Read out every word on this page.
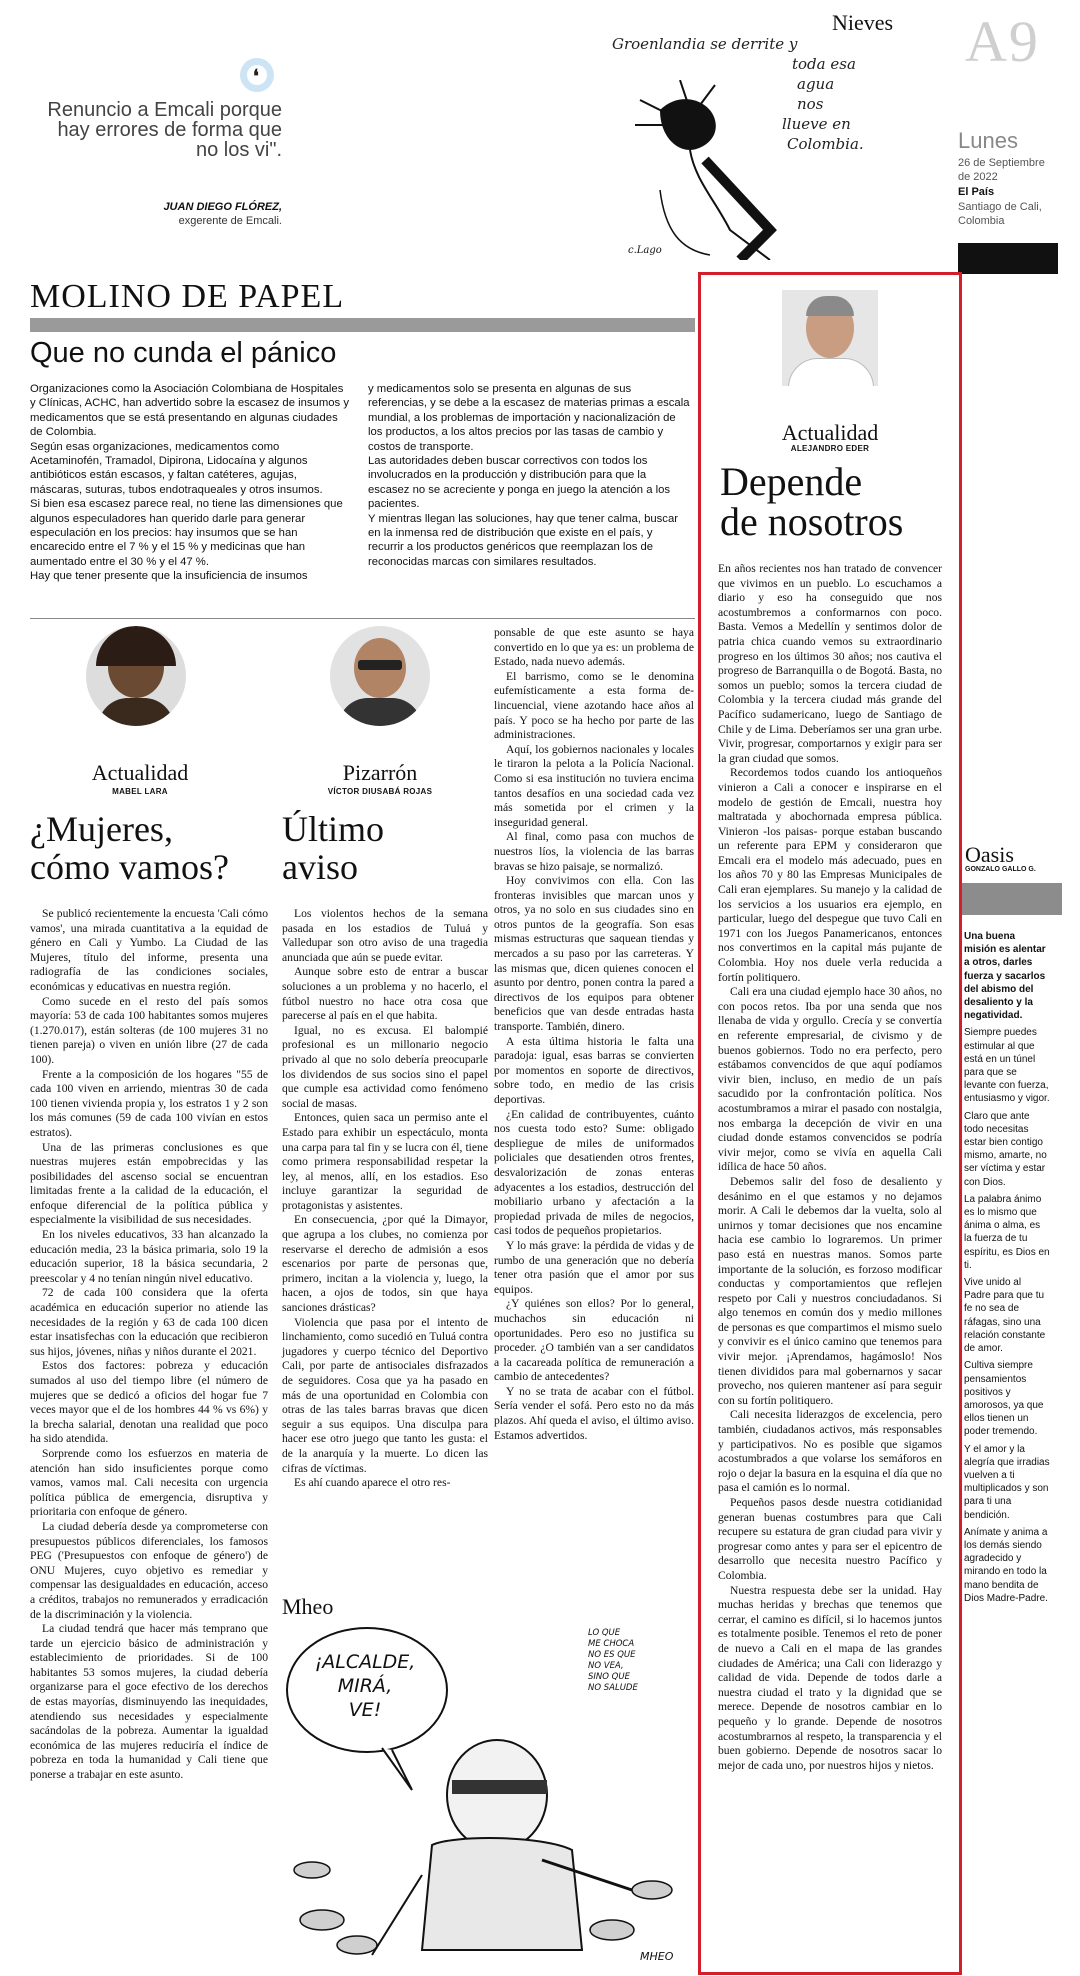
❛
Renuncio a Emcali porque hay errores de forma que no los vi".
JUAN DIEGO FLÓREZ,
exgerente de Emcali.
Nieves
Groenlandia se derrite y
toda esa
agua
nos
llueve en
Colombia.
c.Lago
A9
Lunes
26 de Septiembre
de 2022
El País
Santiago de Cali,
Colombia
MOLINO DE PAPEL
Que no cunda el pánico

Organizaciones como la Asociación Colombiana de Hospitales y Clínicas, ACHC, han advertido sobre la escasez de insumos y medicamentos que se está presentando en algunas ciudades de Colombia.

Según esas organizaciones, medicamentos como Acetaminofén, Tramadol, Dipirona, Lidocaína y algunos antibióticos están escasos, y faltan catéteres, agujas, máscaras, suturas, tubos endotraqueales y otros insumos.

Si bien esa escasez parece real, no tiene las dimensiones que algunos especuladores han querido darle para generar especulación en los precios: hay insumos que se han encarecido entre el 7 % y el 15 % y medicinas que han aumentado entre el 30 % y el 47 %.

Hay que tener presente que la insuficiencia de insumos

y medicamentos solo se presenta en algunas de sus referencias, y se debe a la escasez de materias primas a escala mundial, a los problemas de importación y nacionalización de los productos, a los altos precios por las tasas de cambio y costos de transporte.

Las autoridades deben buscar correctivos con todos los involucrados en la producción y distribución para que la escasez no se acreciente y ponga en juego la atención a los pacientes.

Y mientras llegan las soluciones, hay que tener calma, buscar en la inmensa red de distribución que existe en el país, y recurrir a los productos genéricos que reemplazan los de reconocidas marcas con similares resultados.

Actualidad
MABEL LARA
¿Mujeres,
cómo vamos?

Se publicó recientemente la encuesta 'Cali cómo vamos', una mirada cuantitativa a la equidad de género en Cali y Yumbo. La Ciudad de las Mujeres, título del informe, presenta una radiografía de las condiciones sociales, económicas y educativas en nuestra región.

Como sucede en el resto del país somos mayoría: 53 de cada 100 habitantes somos mujeres (1.270.017), están solteras (de 100 mujeres 31 no tienen pareja) o viven en unión libre (27 de cada 100).

Frente a la composición de los hogares "55 de cada 100 viven en arriendo, mientras 30 de cada 100 tienen vivienda propia y, los estratos 1 y 2 son los más comunes (59 de cada 100 vivían en estos estratos).

Una de las primeras conclusiones es que nuestras mujeres están empobrecidas y las posibilidades del ascenso social se encuentran limitadas frente a la calidad de la educación, el enfoque diferencial de la política pública y especialmente la visibilidad de sus necesidades.

En los niveles educativos, 33 han alcanzado la educación media, 23 la básica primaria, solo 19 la educación superior, 18 la básica secundaria, 2 preescolar y 4 no tenían ningún nivel educativo.

72 de cada 100 considera que la oferta académica en educación superior no atiende las necesidades de la región y 63 de cada 100 dicen estar insatisfechas con la educación que recibieron sus hijos, jóvenes, niñas y niños durante el 2021.

Estos dos factores: pobreza y educación sumados al uso del tiempo libre (el número de mujeres que se dedicó a oficios del hogar fue 7 veces mayor que el de los hombres 44 % vs 6%) y la brecha salarial, denotan una realidad que poco ha sido atendida.

Sorprende como los esfuerzos en materia de atención han sido insuficientes porque como vamos, vamos mal. Cali necesita con urgencia política pública de emergencia, disruptiva y prioritaria con enfoque de género.

La ciudad debería desde ya comprometerse con presupuestos públicos diferenciales, los famosos PEG ('Presupuestos con enfoque de género') de ONU Mujeres, cuyo objetivo es remediar y compensar las desigualdades en educación, acceso a créditos, trabajos no remunerados y erradicación de la discriminación y la violencia.

La ciudad tendrá que hacer más temprano que tarde un ejercicio básico de administración y establecimiento de prioridades. Si de 100 habitantes 53 somos mujeres, la ciudad debería organizarse para el goce efectivo de los derechos de estas mayorías, disminuyendo las inequidades, atendiendo sus necesidades y especialmente sacándolas de la pobreza. Aumentar la igualdad económica de las mujeres reduciría el índice de pobreza en toda la humanidad y Cali tiene que ponerse a trabajar en este asunto.

Pizarrón
VÍCTOR DIUSABÁ ROJAS
Último
aviso

Los violentos hechos de la semana pasada en los estadios de Tuluá y Valledupar son otro aviso de una tragedia anunciada que aún se puede evitar.

Aunque sobre esto de entrar a buscar soluciones a un problema y no hacerlo, el fútbol nuestro no hace otra cosa que parecerse al país en el que habita.

Igual, no es excusa. El balompié profesional es un millonario negocio privado al que no solo debería preocuparle los dividendos de sus socios sino el papel que cumple esa actividad como fenómeno social de masas.

Entonces, quien saca un permiso ante el Estado para exhibir un espectáculo, monta una carpa para tal fin y se lucra con él, tiene como primera responsabilidad respetar la ley, al menos, allí, en los estadios. Eso incluye garantizar la seguridad de protagonistas y asistentes.

En consecuencia, ¿por qué la Dimayor, que agrupa a los clubes, no comienza por reservarse el derecho de admisión a esos escenarios por parte de personas que, primero, incitan a la violencia y, luego, la hacen, a ojos de todos, sin que haya sanciones drásticas?

Violencia que pasa por el intento de linchamiento, como sucedió en Tuluá contra jugadores y cuerpo técnico del Deportivo Cali, por parte de antisociales disfrazados de seguidores. Cosa que ya ha pasado en más de una oportunidad en Colombia con otras de las tales barras bravas que dicen seguir a sus equipos. Una disculpa para hacer ese otro juego que tanto les gusta: el de la anarquía y la muerte. Lo dicen las cifras de víctimas.

Es ahí cuando aparece el otro res-

ponsable de que este asunto se haya convertido en lo que ya es: un problema de Estado, nada nuevo además.

El barrismo, como se le denomina eufemísticamente a esta forma de-lincuencial, viene azotando hace años al país. Y poco se ha hecho por parte de las administraciones.

Aquí, los gobiernos nacionales y locales le tiraron la pelota a la Policía Nacional. Como si esa institución no tuviera encima tantos desafíos en una sociedad cada vez más sometida por el crimen y la inseguridad general.

Al final, como pasa con muchos de nuestros líos, la violencia de las barras bravas se hizo paisaje, se normalizó.

Hoy convivimos con ella. Con las fronteras invisibles que marcan unos y otros, ya no solo en sus ciudades sino en otros puntos de la geografía. Son esas mismas estructuras que saquean tiendas y mercados a su paso por las carreteras. Y las mismas que, dicen quienes conocen el asunto por dentro, ponen contra la pared a directivos de los equipos para obtener beneficios que van desde entradas hasta transporte. También, dinero.

A esta última historia le falta una paradoja: igual, esas barras se convierten por momentos en soporte de directivos, sobre todo, en medio de las crisis deportivas.

¿En calidad de contribuyentes, cuánto nos cuesta todo esto? Sume: obligado despliegue de miles de uniformados policiales que desatienden otros frentes, desvalorización de zonas enteras adyacentes a los estadios, destrucción del mobiliario urbano y afectación a la propiedad privada de miles de negocios, casi todos de pequeños propietarios.

Y lo más grave: la pérdida de vidas y de rumbo de una generación que no debería tener otra pasión que el amor por sus equipos.

¿Y quiénes son ellos? Por lo general, muchachos sin educación ni oportunidades. Pero eso no justifica su proceder. ¿O también van a ser candidatos a la cacareada política de remuneración a cambio de antecedentes?

Y no se trata de acabar con el fútbol. Sería vender el sofá. Pero esto no da más plazos. Ahí queda el aviso, el último aviso. Estamos advertidos.

Mheo
¡ALCALDE,
MIRÁ,
VE!
LO QUE
ME CHOCA
NO ES QUE
NO VEA,
SINO QUE
NO SALUDE
MHEO
Actualidad
ALEJANDRO EDER
Depende
de nosotros

En años recientes nos han tratado de convencer que vivimos en un pueblo. Lo escuchamos a diario y eso ha conseguido que nos acostumbremos a conformarnos con poco. Basta. Vemos a Medellín y sentimos dolor de patria chica cuando vemos su extraordinario progreso en los últimos 30 años; nos cautiva el progreso de Barranquilla o de Bogotá. Basta, no somos un pueblo; somos la tercera ciudad de Colombia y la tercera ciudad más grande del Pacífico sudamericano, luego de Santiago de Chile y de Lima. Deberíamos ser una gran urbe. Vivir, progresar, comportarnos y exigir para ser la gran ciudad que somos.

Recordemos todos cuando los antioqueños vinieron a Cali a conocer e inspirarse en el modelo de gestión de Emcali, nuestra hoy maltratada y abochornada empresa pública. Vinieron -los paisas- porque estaban buscando un referente para EPM y consideraron que Emcali era el modelo más adecuado, pues en los años 70 y 80 las Empresas Municipales de Cali eran ejemplares. Su manejo y la calidad de los servicios a los usuarios era ejemplo, en particular, luego del despegue que tuvo Cali en 1971 con los Juegos Panamericanos, entonces nos convertimos en la capital más pujante de Colombia. Hoy nos duele verla reducida a fortín politiquero.

Cali era una ciudad ejemplo hace 30 años, no con pocos retos. Iba por una senda que nos llenaba de vida y orgullo. Crecía y se convertía en referente empresarial, de civismo y de buenos gobiernos. Todo no era perfecto, pero estábamos convencidos de que aquí podíamos vivir bien, incluso, en medio de un país sacudido por la confrontación política. Nos acostumbramos a mirar el pasado con nostalgia, nos embarga la decepción de vivir en una ciudad donde estamos convencidos se podría vivir mejor, como se vivía en aquella Cali idílica de hace 50 años.

Debemos salir del foso de desaliento y desánimo en el que estamos y no dejamos morir. A Cali le debemos dar la vuelta, solo al unirnos y tomar decisiones que nos encamine hacia ese cambio lo lograremos. Un primer paso está en nuestras manos. Somos parte importante de la solución, es forzoso modificar conductas y comportamientos que reflejen respeto por Cali y nuestros conciudadanos. Si algo tenemos en común dos y medio millones de personas es que compartimos el mismo suelo y convivir es el único camino que tenemos para vivir mejor. ¡Aprendamos, hagámoslo! Nos tienen divididos para mal gobernarnos y sacar provecho, nos quieren mantener así para seguir con su fortín politiquero.

Cali necesita liderazgos de excelencia, pero también, ciudadanos activos, más responsables y participativos. No es posible que sigamos acostumbrados a que volarse los semáforos en rojo o dejar la basura en la esquina el día que no pasa el camión es lo normal.

Pequeños pasos desde nuestra cotidianidad generan buenas costumbres para que Cali recupere su estatura de gran ciudad para vivir y progresar como antes y para ser el epicentro de desarrollo que necesita nuestro Pacífico y Colombia.

Nuestra respuesta debe ser la unidad. Hay muchas heridas y brechas que tenemos que cerrar, el camino es difícil, si lo hacemos juntos es totalmente posible. Tenemos el reto de poner de nuevo a Cali en el mapa de las grandes ciudades de América; una Cali con liderazgo y calidad de vida. Depende de todos darle a nuestra ciudad el trato y la dignidad que se merece. Depende de nosotros cambiar en lo pequeño y lo grande. Depende de nosotros acostumbrarnos al respeto, la transparencia y el buen gobierno. Depende de nosotros sacar lo mejor de cada uno, por nuestros hijos y nietos.

Oasis
GONZALO GALLO G.

Una buena misión es alentar a otros, darles fuerza y sacarlos del abismo del desaliento y la negatividad.

Siempre puedes estimular al que está en un túnel para que se levante con fuerza, entusiasmo y vigor.

Claro que ante todo necesitas estar bien contigo mismo, amarte, no ser víctima y estar con Dios.

La palabra ánimo es lo mismo que ánima o alma, es la fuerza de tu espíritu, es Dios en ti.

Vive unido al Padre para que tu fe no sea de ráfagas, sino una relación constante de amor.

Cultiva siempre pensamientos positivos y amorosos, ya que ellos tienen un poder tremendo.

Y el amor y la alegría que irradias vuelven a ti multiplicados y son para ti una bendición.

Anímate y anima a los demás siendo agradecido y mirando en todo la mano bendita de Dios Madre-Padre.
